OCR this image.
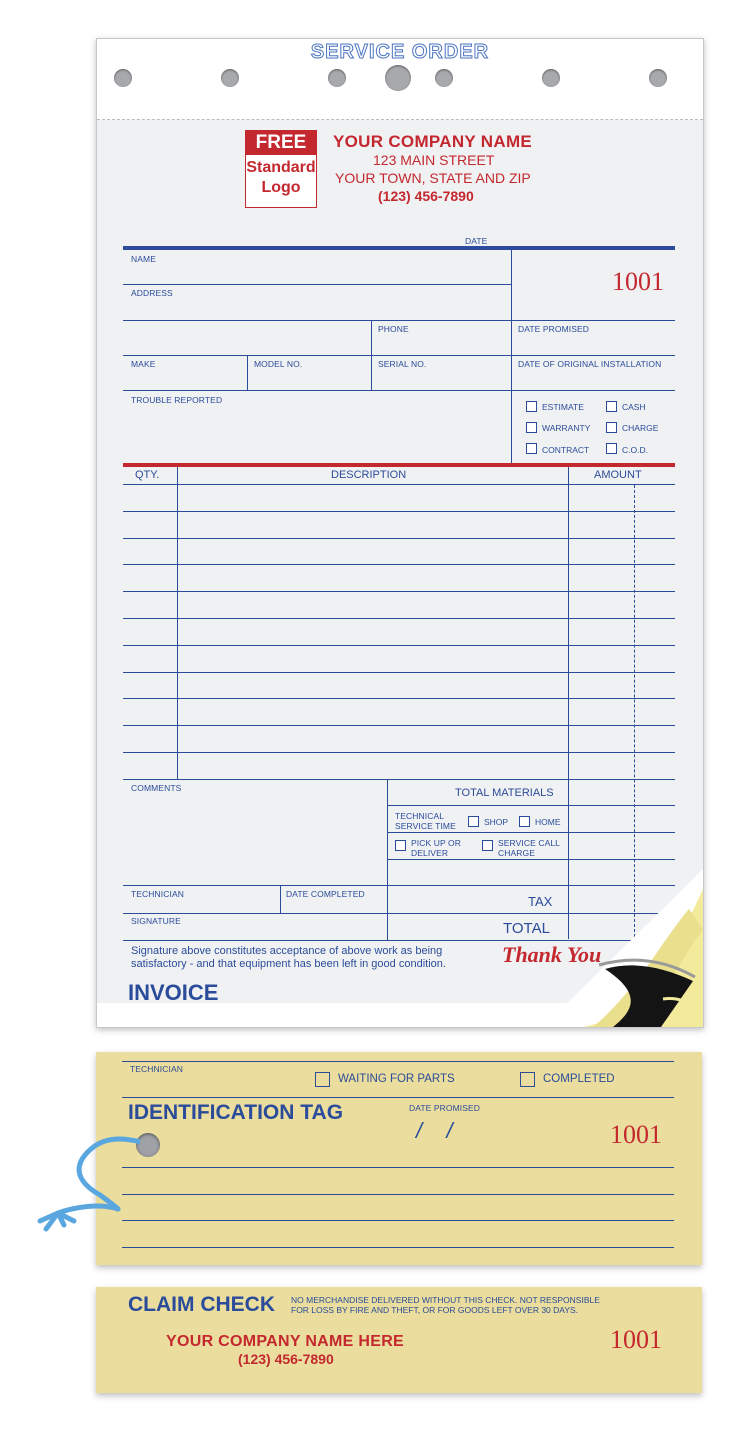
SERVICE ORDER
FREE
Standard
Logo
YOUR COMPANY NAME
123 MAIN STREET
YOUR TOWN, STATE AND ZIP
(123) 456-7890
DATE
NAME
1001
ADDRESS
PHONE	DATE PROMISED
MAKE	MODEL NO.	SERIAL NO.	DATE OF ORIGINAL INSTALLATION
TROUBLE REPORTED
ESTIMATE	CASH
WARRANTY	CHARGE
CONTRACT	C.O.D.
QTY.	DESCRIPTION	AMOUNT
COMMENTS	TOTAL MATERIALS
TECHNICAL
SERVICE TIME	SHOP	HOME
PICK UP OR
DELIVER
SERVICE CALL
CHARGE
TECHNICIAN	DATE COMPLETED	TAX
SIGNATURE	TOTAL
Signature above constitutes acceptance of above work as being
satisfactory - and that equipment has been left in good condition.	Thank You
INVOICE
TECHNICIAN
WAITING FOR PARTS	COMPLETED
IDENTIFICATION TAG	DATE PROMISED
/    /	1001
CLAIM CHECK NO MERCHANDISE DELIVERED WITHOUT THIS CHECK. NOT RESPONSIBLE
FOR LOSS BY FIRE AND THEFT, OR FOR GOODS LEFT OVER 30 DAYS.
YOUR COMPANY NAME HERE
(123) 456-7890
1001
